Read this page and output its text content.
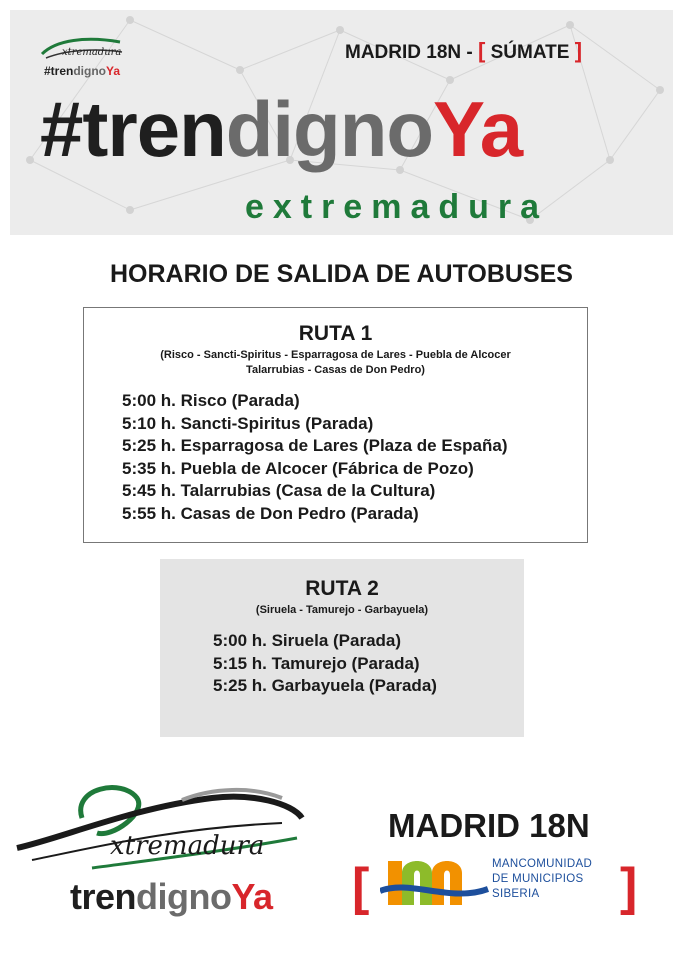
xtremadura
#trendignoYa
MADRID 18N - [ SÚMATE ]
#trendignoYa
extremadura
HORARIO DE SALIDA DE AUTOBUSES
RUTA 1
(Risco - Sancti-Spiritus - Esparragosa de Lares - Puebla de Alcocer
Talarrubias - Casas de Don Pedro)
5:00 h. Risco (Parada)
5:10 h. Sancti-Spiritus (Parada)
5:25 h. Esparragosa de Lares (Plaza de España)
5:35 h. Puebla de Alcocer (Fábrica de Pozo)
5:45 h. Talarrubias (Casa de la Cultura)
5:55 h. Casas de Don Pedro (Parada)
RUTA 2
(Siruela - Tamurejo - Garbayuela)
5:00 h. Siruela (Parada)
5:15 h. Tamurejo (Parada)
5:25 h. Garbayuela (Parada)
xtremadura
trendignoYa
MADRID 18N
[	MANCOMUNIDAD
DE MUNICIPIOS
SIBERIA	]
